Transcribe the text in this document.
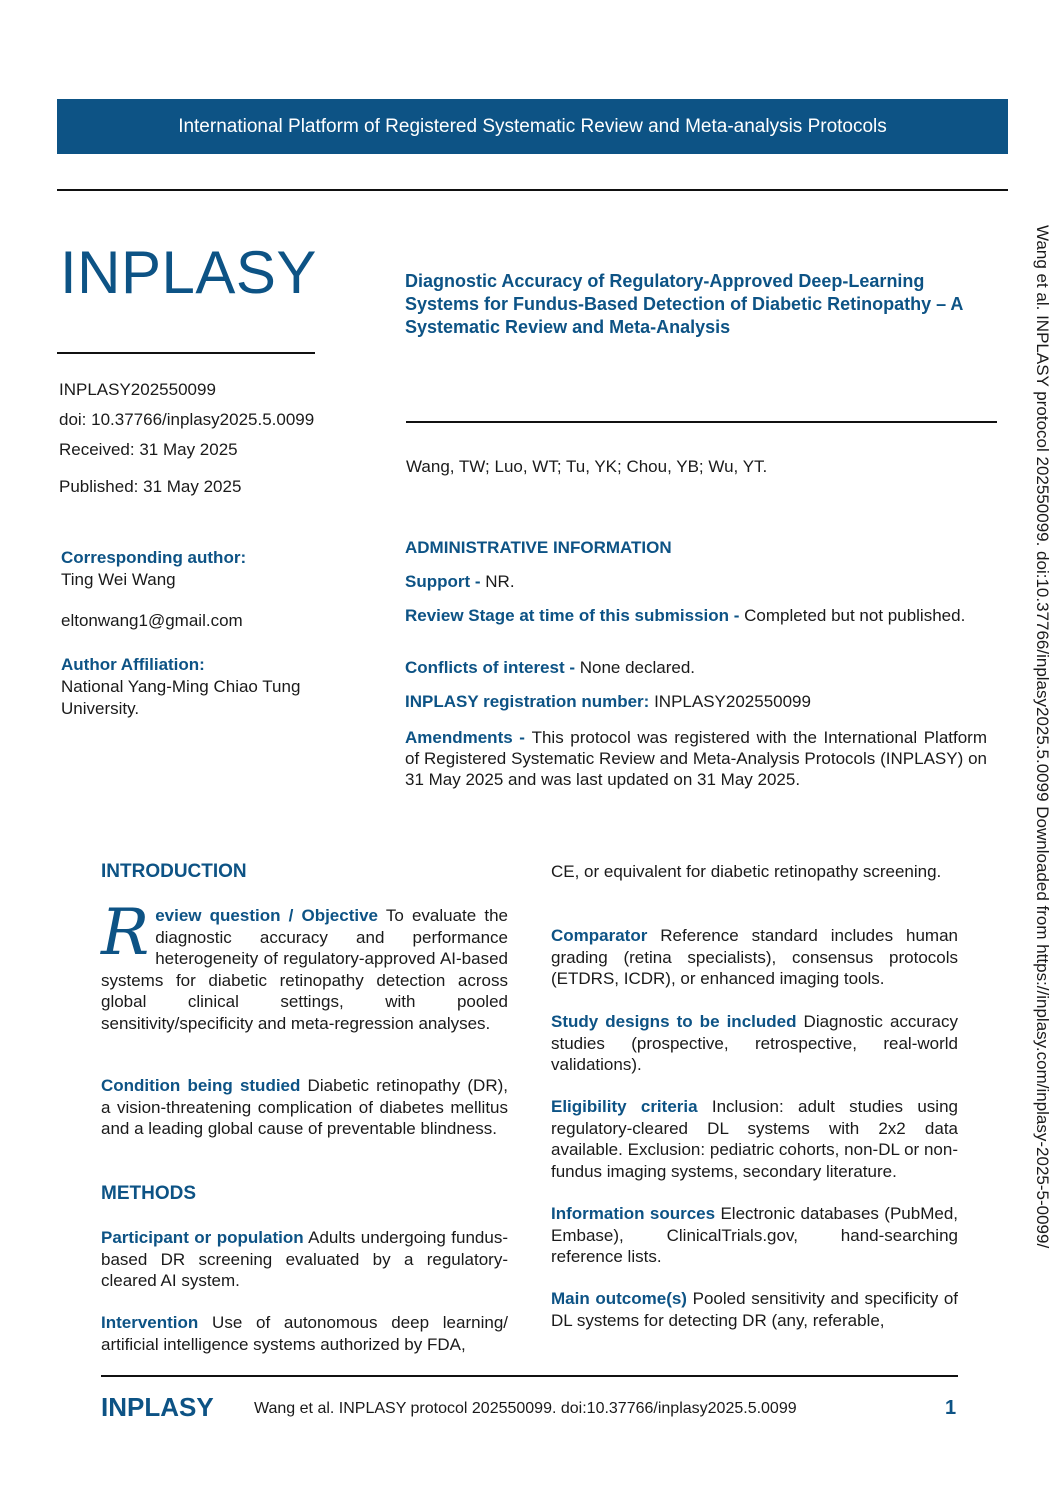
International Platform of Registered Systematic Review and Meta-analysis Protocols
INPLASY
INPLASY202550099
doi: 10.37766/inplasy2025.5.0099
Received: 31 May 2025
Published: 31 May 2025
Diagnostic Accuracy of Regulatory-Approved Deep-Learning Systems for Fundus-Based Detection of Diabetic Retinopathy – A Systematic Review and Meta-Analysis
Wang, TW; Luo, WT; Tu, YK; Chou, YB; Wu, YT.
Corresponding author:
Ting Wei Wang
eltonwang1@gmail.com
Author Affiliation:
National Yang-Ming Chiao Tung University.
ADMINISTRATIVE INFORMATION
Support - NR.
Review Stage at time of this submission - Completed but not published.
Conflicts of interest - None declared.
INPLASY registration number: INPLASY202550099
Amendments - This protocol was registered with the International Platform of Registered Systematic Review and Meta-Analysis Protocols (INPLASY) on 31 May 2025 and was last updated on 31 May 2025.
INTRODUCTION
Review question / Objective To evaluate the diagnostic accuracy and performance heterogeneity of regulatory-approved AI-based systems for diabetic retinopathy detection across global clinical settings, with pooled sensitivity/specificity and meta-regression analyses.
Condition being studied Diabetic retinopathy (DR), a vision-threatening complication of diabetes mellitus and a leading global cause of preventable blindness.
METHODS
Participant or population Adults undergoing fundus-based DR screening evaluated by a regulatory-cleared AI system.
Intervention Use of autonomous deep learning/ artificial intelligence systems authorized by FDA,
CE, or equivalent for diabetic retinopathy screening.
Comparator Reference standard includes human grading (retina specialists), consensus protocols (ETDRS, ICDR), or enhanced imaging tools.
Study designs to be included Diagnostic accuracy studies (prospective, retrospective, real-world validations).
Eligibility criteria Inclusion: adult studies using regulatory-cleared DL systems with 2x2 data available. Exclusion: pediatric cohorts, non-DL or non-fundus imaging systems, secondary literature.
Information sources Electronic databases (PubMed, Embase), ClinicalTrials.gov, hand-searching reference lists.
Main outcome(s) Pooled sensitivity and specificity of DL systems for detecting DR (any, referable,
Wang et al. INPLASY protocol 202550099. doi:10.37766/inplasy2025.5.0099 Downloaded from https://inplasy.com/inplasy-2025-5-0099/
INPLASY	Wang et al. INPLASY protocol 202550099. doi:10.37766/inplasy2025.5.0099	1
